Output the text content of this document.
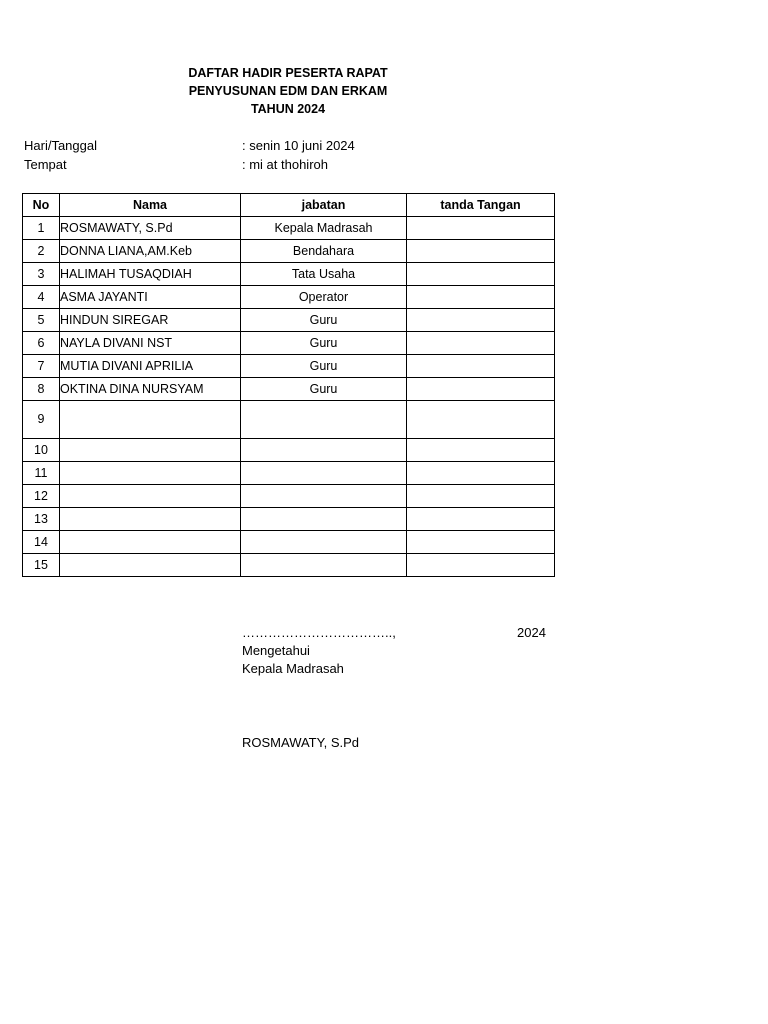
DAFTAR HADIR PESERTA RAPAT
PENYUSUNAN EDM DAN ERKAM
TAHUN 2024
Hari/Tanggal	: senin 10 juni 2024
Tempat	: mi at thohiroh
No	Nama	jabatan	tanda Tangan
1	ROSMAWATY, S.Pd	Kepala Madrasah	
2	DONNA LIANA,AM.Keb	Bendahara	
3	HALIMAH TUSAQDIAH	Tata Usaha	
4	ASMA JAYANTI	Operator	
5	HINDUN SIREGAR	Guru	
6	NAYLA DIVANI NST	Guru	
7	MUTIA DIVANI APRILIA	Guru	
8	OKTINA DINA NURSYAM	Guru	
9			
10			
11			
12			
13			
14			
15			
……………………………..,	2024
Mengetahui
Kepala Madrasah
ROSMAWATY, S.Pd
